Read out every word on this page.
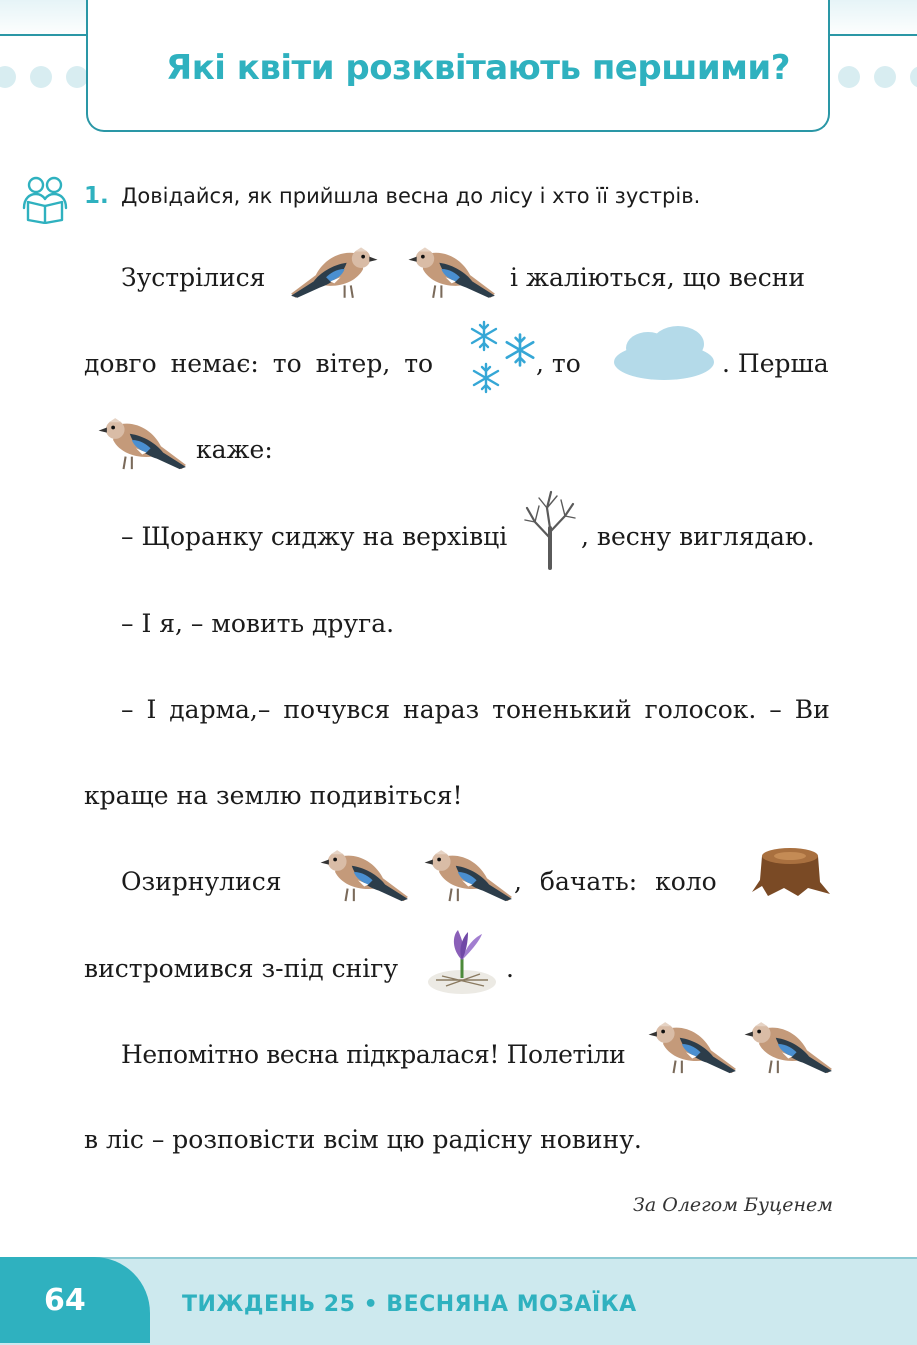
Які квіти розквітають першими?
1. Довідайся, як прийшла весна до лісу і хто її зустрів.
Зустрілися	і жаліються, що весни
довго немає: то вітер, то	, то	. Перша
каже:
– Щоранку сиджу на верхівці	, весну виглядаю.
– І я, – мовить друга.
– І дарма,– почувся нараз тоненький голосок. – Ви
краще на землю подивіться!
Озирнулися	, бачать: коло
вистромився з-під снігу	.
Непомітно весна підкралася! Полетіли
в ліс – розповісти всім цю радісну новину.
За Олегом Буценем
64	ТИЖДЕНЬ 25 • ВЕСНЯНА МОЗАЇКА
